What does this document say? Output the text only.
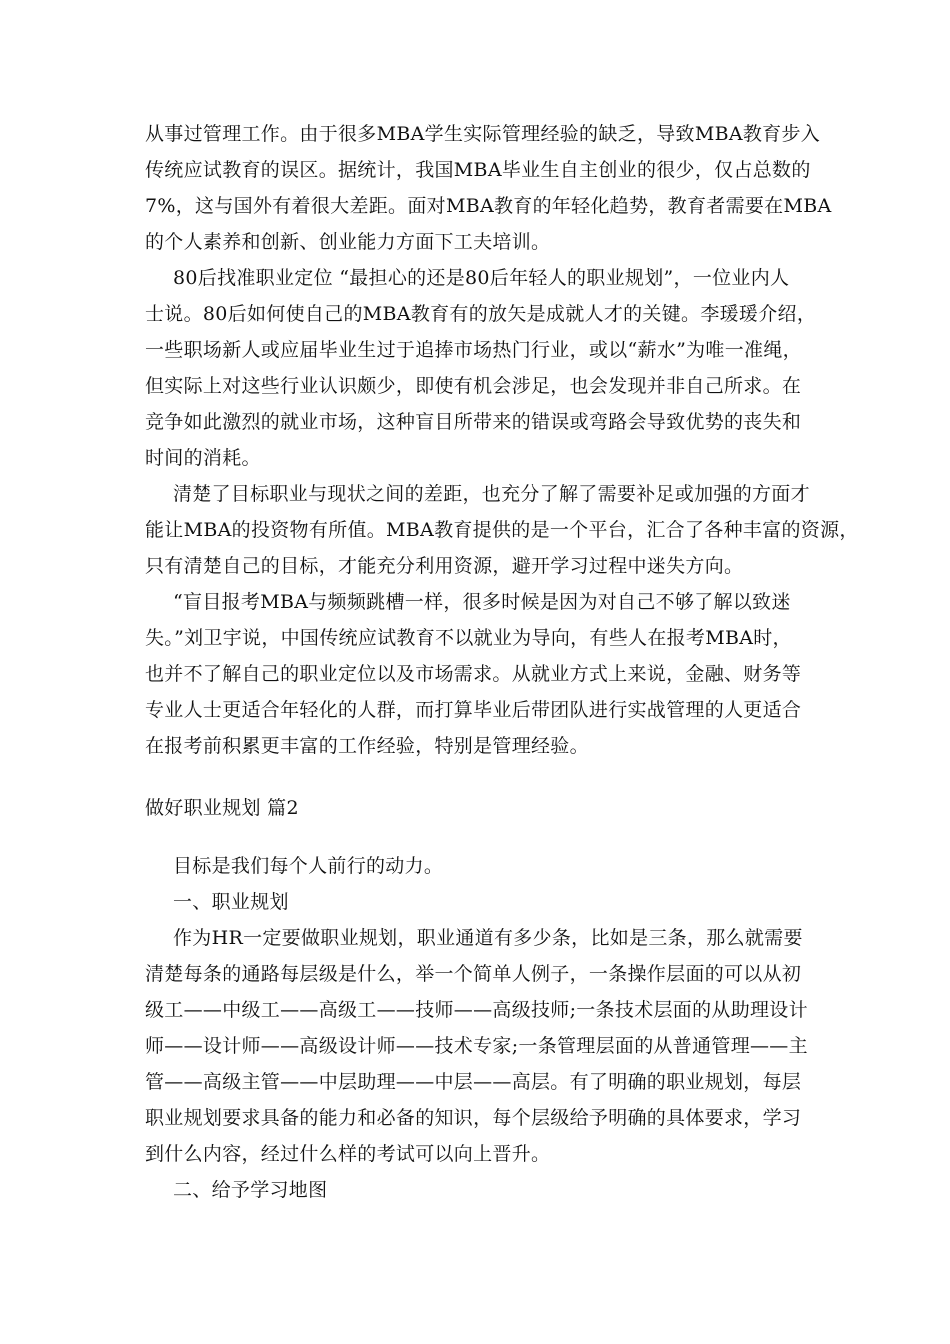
从事过管理工作。由于很多MBA学生实际管理经验的缺乏，导致MBA教育步入
传统应试教育的误区。据统计，我国MBA毕业生自主创业的很少，仅占总数的
7%，这与国外有着很大差距。面对MBA教育的年轻化趋势，教育者需要在MBA
的个人素养和创新、创业能力方面下工夫培训。
80后找准职业定位 “最担心的还是80后年轻人的职业规划”，一位业内人
士说。80后如何使自己的MBA教育有的放矢是成就人才的关键。李瑗瑗介绍，
一些职场新人或应届毕业生过于追捧市场热门行业，或以“薪水”为唯一准绳，
但实际上对这些行业认识颇少，即使有机会涉足，也会发现并非自己所求。在
竞争如此激烈的就业市场，这种盲目所带来的错误或弯路会导致优势的丧失和
时间的消耗。
清楚了目标职业与现状之间的差距，也充分了解了需要补足或加强的方面才
能让MBA的投资物有所值。MBA教育提供的是一个平台，汇合了各种丰富的资源，
只有清楚自己的目标，才能充分利用资源，避开学习过程中迷失方向。
“盲目报考MBA与频频跳槽一样，很多时候是因为对自己不够了解以致迷
失。”刘卫宇说，中国传统应试教育不以就业为导向，有些人在报考MBA时，
也并不了解自己的职业定位以及市场需求。从就业方式上来说，金融、财务等
专业人士更适合年轻化的人群，而打算毕业后带团队进行实战管理的人更适合
在报考前积累更丰富的工作经验，特别是管理经验。
做好职业规划 篇2
目标是我们每个人前行的动力。
一、职业规划
作为HR一定要做职业规划，职业通道有多少条，比如是三条，那么就需要
清楚每条的通路每层级是什么，举一个简单人例子，一条操作层面的可以从初
级工——中级工——高级工——技师——高级技师;一条技术层面的从助理设计
师——设计师——高级设计师——技术专家;一条管理层面的从普通管理——主
管——高级主管——中层助理——中层——高层。有了明确的职业规划，每层
职业规划要求具备的能力和必备的知识，每个层级给予明确的具体要求，学习
到什么内容，经过什么样的考试可以向上晋升。
二、给予学习地图
